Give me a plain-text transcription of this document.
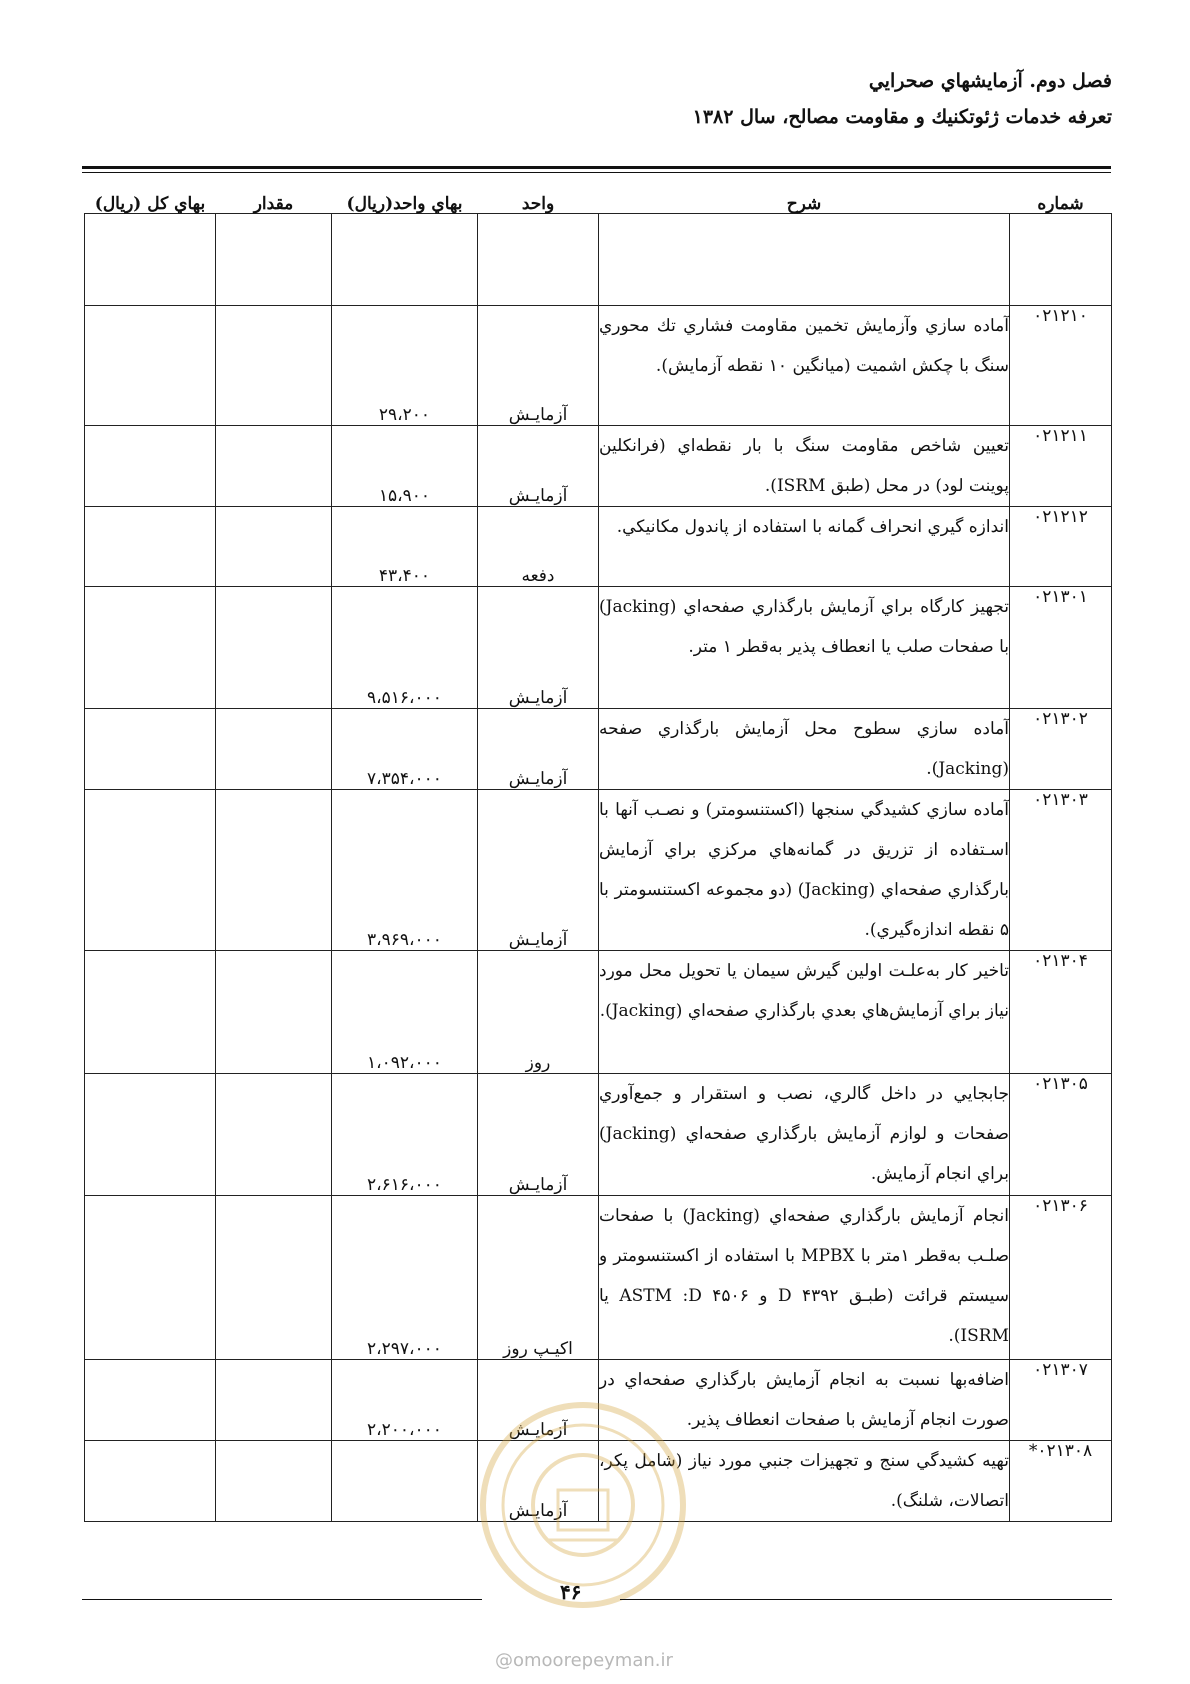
فصل دوم. آزمايشهاي صحرايي
تعرفه خدمات ژئوتكنيك و مقاومت مصالح، سال ۱۳۸۲
شماره	شرح	واحد	بهاي واحد(ريال)	مقدار	بهاي كل (ريال)
۰۲۱۲۱۰	آماده سازي وآزمايش تخمين مقاومت فشاري تك محوري سنگ با چكش اشميت (ميانگين ۱۰ نقطه آزمايش).	آزمايـش	۲۹،۲۰۰		
۰۲۱۲۱۱	تعيين شاخص مقاومت سنگ با بار نقطه‌اي (فرانكلين پوينت لود) در محل (طبق ISRM).	آزمايـش	۱۵،۹۰۰		
۰۲۱۲۱۲	اندازه گيري انحراف گمانه با استفاده از پاندول مكانيكي.	دفعه	۴۳،۴۰۰		
۰۲۱۳۰۱	تجهيز كارگاه براي آزمايش بارگذاري صفحه‌اي (Jacking) با صفحات صلب يا انعطاف پذير به‌قطر ۱ متر.	آزمايـش	۹،۵۱۶،۰۰۰		
۰۲۱۳۰۲	آماده سازي سطوح محل آزمايش بارگذاري صفحه (Jacking).	آزمايـش	۷،۳۵۴،۰۰۰		
۰۲۱۳۰۳	آماده سازي كشيدگي سنجها (اكستنسومتر) و نصـب آنها با اسـتفاده از تزريق در گمانه‌هاي مركزي براي آزمايش بارگذاري صفحه‌اي (Jacking) (دو مجموعه اكستنسومتر با ۵ نقطه اندازه‌گيري).	آزمايـش	۳،۹۶۹،۰۰۰		
۰۲۱۳۰۴	تاخير كار به‌علـت اولين گيرش سيمان يا تحويل محل مورد نياز براي آزمايش‌هاي بعدي بارگذاري صفحه‌اي (Jacking).	روز	۱،۰۹۲،۰۰۰		
۰۲۱۳۰۵	جابجايي در داخل گالري، نصب و استقرار و جمع‌آوري صفحات و لوازم آزمايش بارگذاري صفحه‌اي (Jacking) براي انجام آزمايش.	آزمايـش	۲،۶۱۶،۰۰۰		
۰۲۱۳۰۶	انجام آزمايش بارگذاري صفحه‌اي (Jacking) با صفحات صلـب به‌قطر ۱متر با MPBX با استفاده از اكستنسومتر و سيستم قرائت (طبـق D ۴۳۹۲ و ASTM :D ۴۵۰۶ يا ISRM).	اكيـپ روز	۲،۲۹۷،۰۰۰		
۰۲۱۳۰۷	اضافه‌بها نسبت به انجام آزمايش بارگذاري صفحه‌اي در صورت انجام آزمايش با صفحات انعطاف پذير.	آزمايـش	۲،۲۰۰،۰۰۰		
۰۲۱۳۰۸*	تهيه كشيدگي سنج و تجهيزات جنبي مورد نياز (شامل پكر، اتصالات، شلنگ).	آزمايـش			
۴۶
@omoorepeyman.ir
